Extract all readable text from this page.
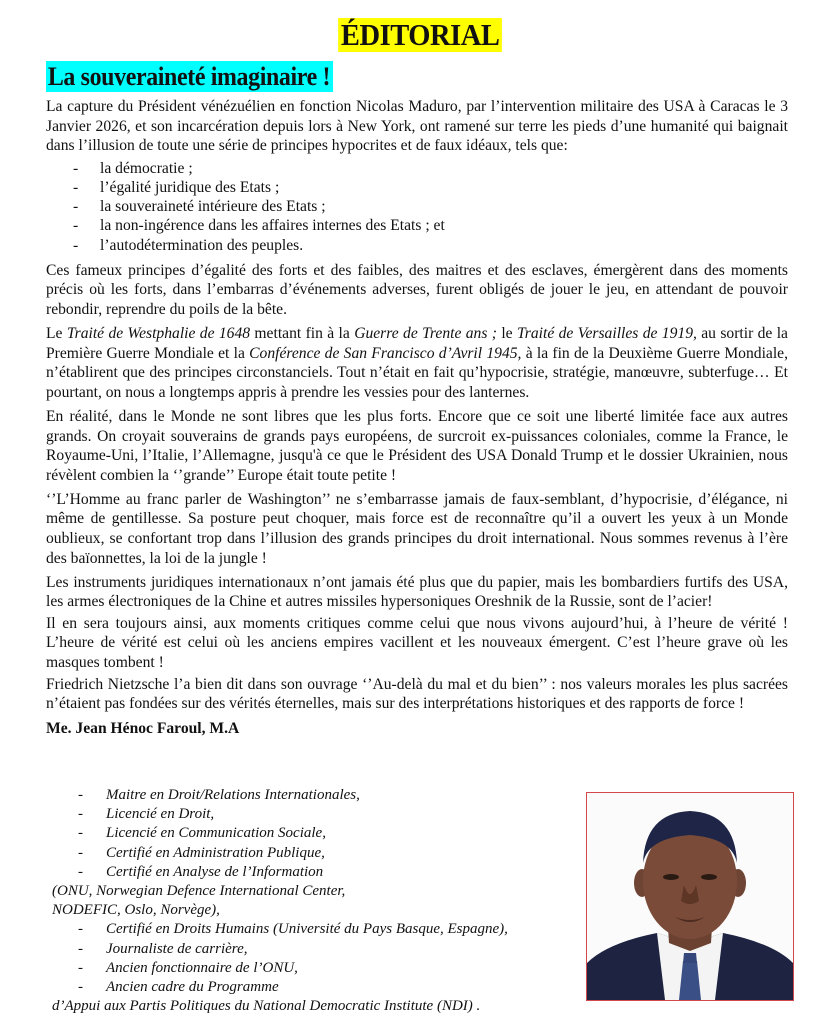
ÉDITORIAL
La souveraineté imaginaire !

La capture du Président vénézuélien en fonction Nicolas Maduro, par l’intervention militaire des USA à Caracas le 3 Janvier 2026, et son incarcération depuis lors à New York, ont ramené sur terre les pieds d’une humanité qui baignait dans l’illusion de toute une série de principes hypocrites et de faux idéaux, tels que:

- la démocratie ;
- l’égalité juridique des Etats ;
- la souveraineté intérieure des Etats ;
- la non-ingérence dans les affaires internes des Etats ; et
- l’autodétermination des peuples.

Ces fameux principes d’égalité des forts et des faibles, des maitres et des esclaves, émergèrent dans des moments précis où les forts, dans l’embarras d’événements adverses, furent obligés de jouer le jeu, en attendant de pouvoir rebondir, reprendre du poils de la bête.

Le Traité de Westphalie de 1648 mettant fin à la Guerre de Trente ans ; le Traité de Versailles de 1919, au sortir de la Première Guerre Mondiale et la Conférence de San Francisco d’Avril 1945, à la fin de la Deuxième Guerre Mondiale, n’établirent que des principes circonstanciels. Tout n’était en fait qu’hypocrisie, stratégie, manœuvre, subterfuge… Et pourtant, on nous a longtemps appris à prendre les vessies pour des lanternes.

En réalité, dans le Monde ne sont libres que les plus forts. Encore que ce soit une liberté limitée face aux autres grands. On croyait souverains de grands pays européens, de surcroit ex-puissances coloniales, comme la France, le Royaume-Uni, l’Italie, l’Allemagne, jusqu'à ce que le Président des USA Donald Trump et le dossier Ukrainien, nous révèlent combien la ‘’grande’’ Europe était toute petite !

‘’L’Homme au franc parler de Washington’’ ne s’embarrasse jamais de faux-semblant, d’hypocrisie, d’élégance, ni même de gentillesse. Sa posture peut choquer, mais force est de reconnaître qu’il a ouvert les yeux à un Monde oublieux, se confortant trop dans l’illusion des grands principes du droit international. Nous sommes revenus à l’ère des baïonnettes, la loi de la jungle !

Les instruments juridiques internationaux n’ont jamais été plus que du papier, mais les bombardiers furtifs des USA, les armes électroniques de la Chine et autres missiles hypersoniques Oreshnik de la Russie, sont de l’acier!

Il en sera toujours ainsi, aux moments critiques comme celui que nous vivons aujourd’hui, à l’heure de vérité ! L’heure de vérité est celui où les anciens empires vacillent et les nouveaux émergent. C’est l’heure grave où les masques tombent !

Friedrich Nietzsche l’a bien dit dans son ouvrage ‘’Au-delà du mal et du bien’’ : nos valeurs morales les plus sacrées n’étaient pas fondées sur des vérités éternelles, mais sur des interprétations historiques et des rapports de force !

Me. Jean Hénoc Faroul, M.A
- Maitre en Droit/Relations Internationales,
- Licencié en Droit,
- Licencié en Communication Sociale,
- Certifié en Administration Publique,
- Certifié en Analyse de l’Information
(ONU, Norwegian Defence International Center,
NODEFIC, Oslo, Norvège),
- Certifié en Droits Humains (Université du Pays Basque, Espagne),
- Journaliste de carrière,
- Ancien fonctionnaire de l’ONU,
- Ancien cadre du Programme
d’Appui aux Partis Politiques du National Democratic Institute (NDI) .
